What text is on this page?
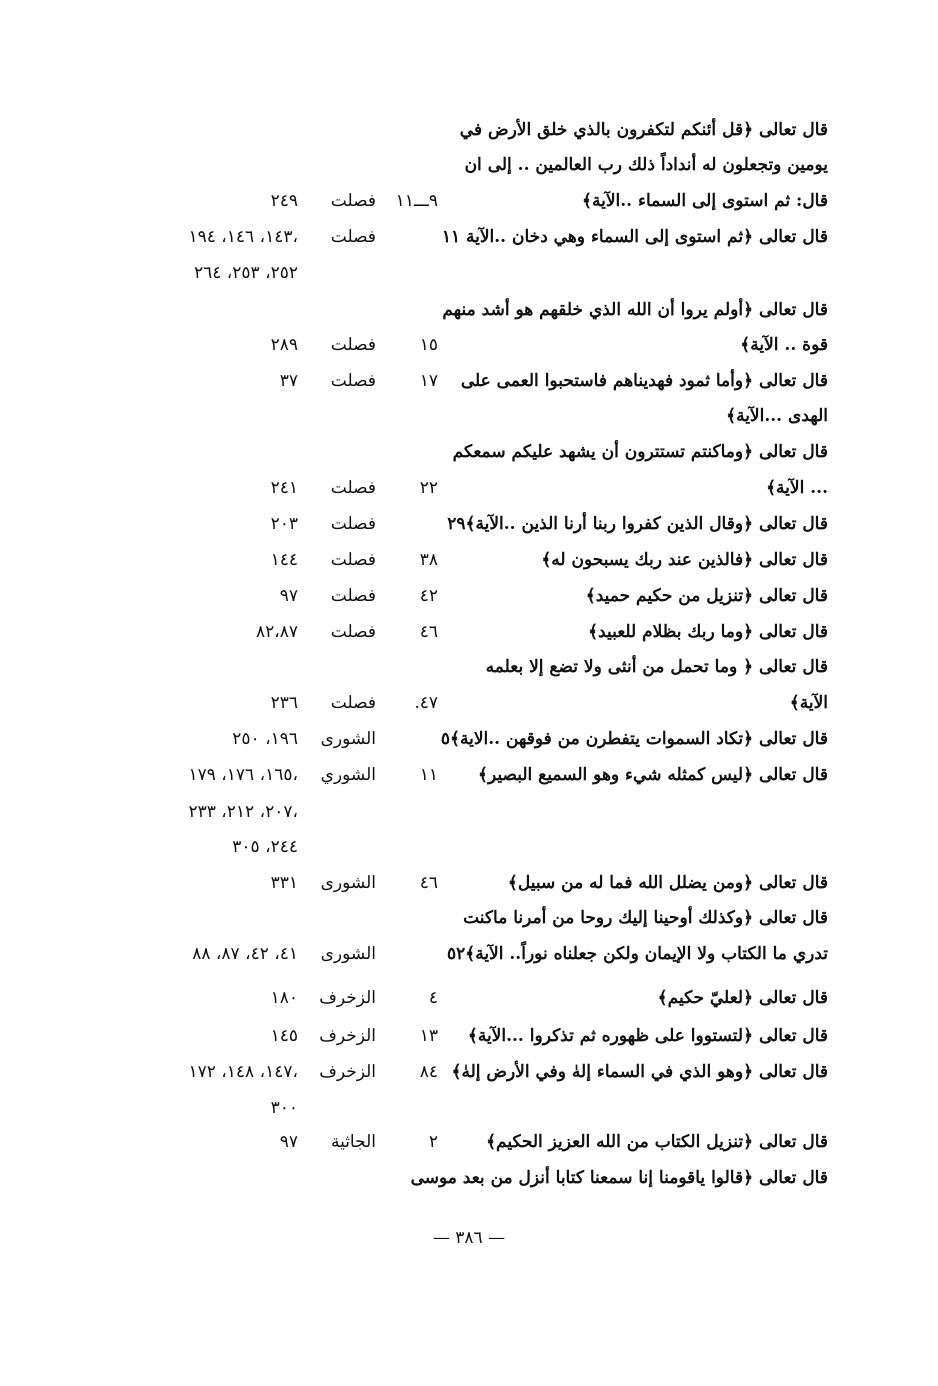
قال تعالى ﴿قل أئنكم لتكفرون بالذي خلق الأرض في
يومين وتجعلون له أنداداً ذلك رب العالمين .. إلى ان
قال: ثم استوى إلى السماء ..الآية﴾
٩ـــ١١
فصلت
٢٤٩
قال تعالى ﴿ثم استوى إلى السماء وهي دخان ..الآية ١١
فصلت
١٤٣، ١٤٦، ١٩٤،
٢٥٢، ٢٥٣، ٢٦٤
قال تعالى ﴿أولم يروا أن الله الذي خلقهم هو أشد منهم
قوة .. الآية﴾
١٥
فصلت
٢٨٩
قال تعالى ﴿وأما ثمود فهديناهم فاستحبوا العمى على
١٧
فصلت
٣٧
الهدى ...الآية﴾
قال تعالى ﴿وماكنتم تستترون أن يشهد عليكم سمعكم
... الآية﴾
٢٢
فصلت
٢٤١
قال تعالى ﴿وقال الذين كفروا ربنا أرنا الذين ..الآية﴾٢٩
فصلت
٢٠٣
قال تعالى ﴿فالذين عند ربك يسبحون له﴾
٣٨
فصلت
١٤٤
قال تعالى ﴿تنزيل من حكيم حميد﴾
٤٢
فصلت
٩٧
قال تعالى ﴿وما ربك بظلام للعبيد﴾
٤٦
فصلت
٨٢،٨٧
قال تعالى ﴿ وما تحمل من أنثى ولا تضع إلا بعلمه
الآية﴾
.٤٧
فصلت
٢٣٦
قال تعالى ﴿تكاد السموات يتفطرن من فوقهن ..الاية﴾٥
الشورى
١٩٦، ٢٥٠
قال تعالى ﴿ليس كمثله شيء وهو السميع البصير﴾
١١
الشوري
١٦٥، ١٧٦، ١٧٩،
٢٠٧، ٢١٢، ٢٣٣،
٢٤٤، ٣٠٥
قال تعالى ﴿ومن يضلل الله فما له من سبيل﴾
٤٦
الشورى
٣٣١
قال تعالى ﴿وكذلك أوحينا إليك روحا من أمرنا ماكنت
تدري ما الكتاب ولا الإيمان ولكن جعلناه نوراً.. الآية﴾٥٢
الشورى
٤١، ٤٢، ٨٧، ٨٨
قال تعالى ﴿لعليّ حكيم﴾
٤
الزخرف
١٨٠
قال تعالى ﴿لتستووا على ظهوره ثم تذكروا ...الآية﴾
١٣
الزخرف
١٤٥
قال تعالى ﴿وهو الذي في السماء إلهٰ وفي الأرض إلهٰ﴾
٨٤
الزخرف
١٤٧، ١٤٨، ١٧٢،
٣٠٠
قال تعالى ﴿تنزيل الكتاب من الله العزيز الحكيم﴾
٢
الجاثية
٩٧
قال تعالى ﴿قالوا ياقومنا إنا سمعنا كتابا أنزل من بعد موسى
— ٣٨٦ —
